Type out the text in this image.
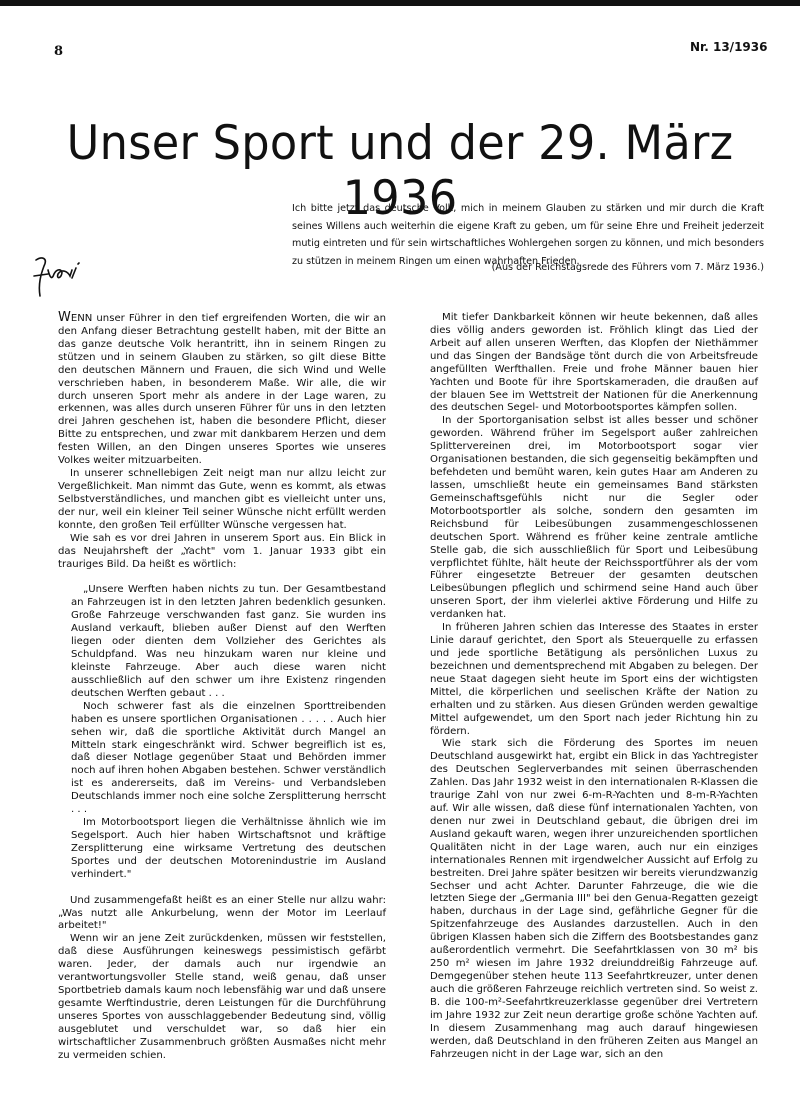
8	Nr. 13/1936
Unser Sport und der 29. März 1936

Ich bitte jetzt das deutsche Volk, mich in meinem Glauben zu stärken und mir durch die Kraft seines Willens auch weiterhin die eigene Kraft zu geben, um für seine Ehre und Freiheit jederzeit mutig eintreten und für sein wirtschaftliches Wohlergehen sorgen zu können, und mich besonders zu stützen in meinem Ringen um einen wahrhaften Frieden.

(Aus der Reichstagsrede des Führers vom 7. März 1936.)

WENN unser Führer in den tief ergreifenden Worten, die wir an den Anfang dieser Betrachtung gestellt haben, mit der Bitte an das ganze deutsche Volk herantritt, ihn in seinem Ringen zu stützen und in seinem Glauben zu stärken, so gilt diese Bitte den deutschen Männern und Frauen, die sich Wind und Welle verschrieben haben, in besonderem Maße. Wir alle, die wir durch unseren Sport mehr als andere in der Lage waren, zu erkennen, was alles durch unseren Führer für uns in den letzten drei Jahren geschehen ist, haben die besondere Pflicht, dieser Bitte zu entsprechen, und zwar mit dankbarem Herzen und dem festen Willen, an den Dingen unseres Sportes wie unseres Volkes weiter mitzuarbeiten.

In unserer schnellebigen Zeit neigt man nur allzu leicht zur Vergeßlichkeit. Man nimmt das Gute, wenn es kommt, als etwas Selbstverständliches, und manchen gibt es vielleicht unter uns, der nur, weil ein kleiner Teil seiner Wünsche nicht erfüllt werden konnte, den großen Teil erfüllter Wünsche vergessen hat.

Wie sah es vor drei Jahren in unserem Sport aus. Ein Blick in das Neujahrsheft der „Yacht" vom 1. Januar 1933 gibt ein trauriges Bild. Da heißt es wörtlich:

„Unsere Werften haben nichts zu tun. Der Gesamtbestand an Fahrzeugen ist in den letzten Jahren bedenklich gesunken. Große Fahrzeuge verschwanden fast ganz. Sie wurden ins Ausland verkauft, blieben außer Dienst auf den Werften liegen oder dienten dem Vollzieher des Gerichtes als Schuldpfand. Was neu hinzukam waren nur kleine und kleinste Fahrzeuge. Aber auch diese waren nicht ausschließlich auf den schwer um ihre Existenz ringenden deutschen Werften gebaut . . .

Noch schwerer fast als die einzelnen Sporttreibenden haben es unsere sportlichen Organisationen . . . . . Auch hier sehen wir, daß die sportliche Aktivität durch Mangel an Mitteln stark eingeschränkt wird. Schwer begreiflich ist es, daß dieser Notlage gegenüber Staat und Behörden immer noch auf ihren hohen Abgaben bestehen. Schwer verständlich ist es andererseits, daß im Vereins- und Verbandsleben Deutschlands immer noch eine solche Zersplitterung herrscht . . .

Im Motorbootsport liegen die Verhältnisse ähnlich wie im Segelsport. Auch hier haben Wirtschaftsnot und kräftige Zersplitterung eine wirksame Vertretung des deutschen Sportes und der deutschen Motorenindustrie im Ausland verhindert."

Und zusammengefaßt heißt es an einer Stelle nur allzu wahr: „Was nutzt alle Ankurbelung, wenn der Motor im Leerlauf arbeitet!"

Wenn wir an jene Zeit zurückdenken, müssen wir feststellen, daß diese Ausführungen keineswegs pessimistisch gefärbt waren. Jeder, der damals auch nur irgendwie an verantwortungsvoller Stelle stand, weiß genau, daß unser Sportbetrieb damals kaum noch lebensfähig war und daß unsere gesamte Werftindustrie, deren Leistungen für die Durchführung unseres Sportes von ausschlaggebender Bedeutung sind, völlig ausgeblutet und verschuldet war, so daß hier ein wirtschaftlicher Zusammenbruch größten Ausmaßes nicht mehr zu vermeiden schien.

Mit tiefer Dankbarkeit können wir heute bekennen, daß alles dies völlig anders geworden ist. Fröhlich klingt das Lied der Arbeit auf allen unseren Werften, das Klopfen der Niethämmer und das Singen der Bandsäge tönt durch die von Arbeitsfreude angefüllten Werfthallen. Freie und frohe Männer bauen hier Yachten und Boote für ihre Sportskameraden, die draußen auf der blauen See im Wettstreit der Nationen für die Anerkennung des deutschen Segel- und Motorbootsportes kämpfen sollen.

In der Sportorganisation selbst ist alles besser und schöner geworden. Während früher im Segelsport außer zahlreichen Splittervereinen drei, im Motorbootsport sogar vier Organisationen bestanden, die sich gegenseitig bekämpften und befehdeten und bemüht waren, kein gutes Haar am Anderen zu lassen, umschließt heute ein gemeinsames Band stärksten Gemeinschaftsgefühls nicht nur die Segler oder Motorbootsportler als solche, sondern den gesamten im Reichsbund für Leibesübungen zusammengeschlossenen deutschen Sport. Während es früher keine zentrale amtliche Stelle gab, die sich ausschließlich für Sport und Leibesübung verpflichtet fühlte, hält heute der Reichssportführer als der vom Führer eingesetzte Betreuer der gesamten deutschen Leibesübungen pfleglich und schirmend seine Hand auch über unseren Sport, der ihm vielerlei aktive Förderung und Hilfe zu verdanken hat.

In früheren Jahren schien das Interesse des Staates in erster Linie darauf gerichtet, den Sport als Steuerquelle zu erfassen und jede sportliche Betätigung als persönlichen Luxus zu bezeichnen und dementsprechend mit Abgaben zu belegen. Der neue Staat dagegen sieht heute im Sport eins der wichtigsten Mittel, die körperlichen und seelischen Kräfte der Nation zu erhalten und zu stärken. Aus diesen Gründen werden gewaltige Mittel aufgewendet, um den Sport nach jeder Richtung hin zu fördern.

Wie stark sich die Förderung des Sportes im neuen Deutschland ausgewirkt hat, ergibt ein Blick in das Yachtregister des Deutschen Seglerverbandes mit seinen überraschenden Zahlen. Das Jahr 1932 weist in den internationalen R-Klassen die traurige Zahl von nur zwei 6-m-R-Yachten und 8-m-R-Yachten auf. Wir alle wissen, daß diese fünf internationalen Yachten, von denen nur zwei in Deutschland gebaut, die übrigen drei im Ausland gekauft waren, wegen ihrer unzureichenden sportlichen Qualitäten nicht in der Lage waren, auch nur ein einziges internationales Rennen mit irgendwelcher Aussicht auf Erfolg zu bestreiten. Drei Jahre später besitzen wir bereits vierundzwanzig Sechser und acht Achter. Darunter Fahrzeuge, die wie die letzten Siege der „Germania III" bei den Genua-Regatten gezeigt haben, durchaus in der Lage sind, gefährliche Gegner für die Spitzenfahrzeuge des Auslandes darzustellen. Auch in den übrigen Klassen haben sich die Ziffern des Bootsbestandes ganz außerordentlich vermehrt. Die Seefahrtklassen von 30 m² bis 250 m² wiesen im Jahre 1932 dreiunddreißig Fahrzeuge auf. Demgegenüber stehen heute 113 Seefahrtkreuzer, unter denen auch die größeren Fahrzeuge reichlich vertreten sind. So weist z. B. die 100-m²-Seefahrtkreuzerklasse gegenüber drei Vertretern im Jahre 1932 zur Zeit neun derartige große schöne Yachten auf. In diesem Zusammenhang mag auch darauf hingewiesen werden, daß Deutschland in den früheren Zeiten aus Mangel an Fahrzeugen nicht in der Lage war, sich an den
